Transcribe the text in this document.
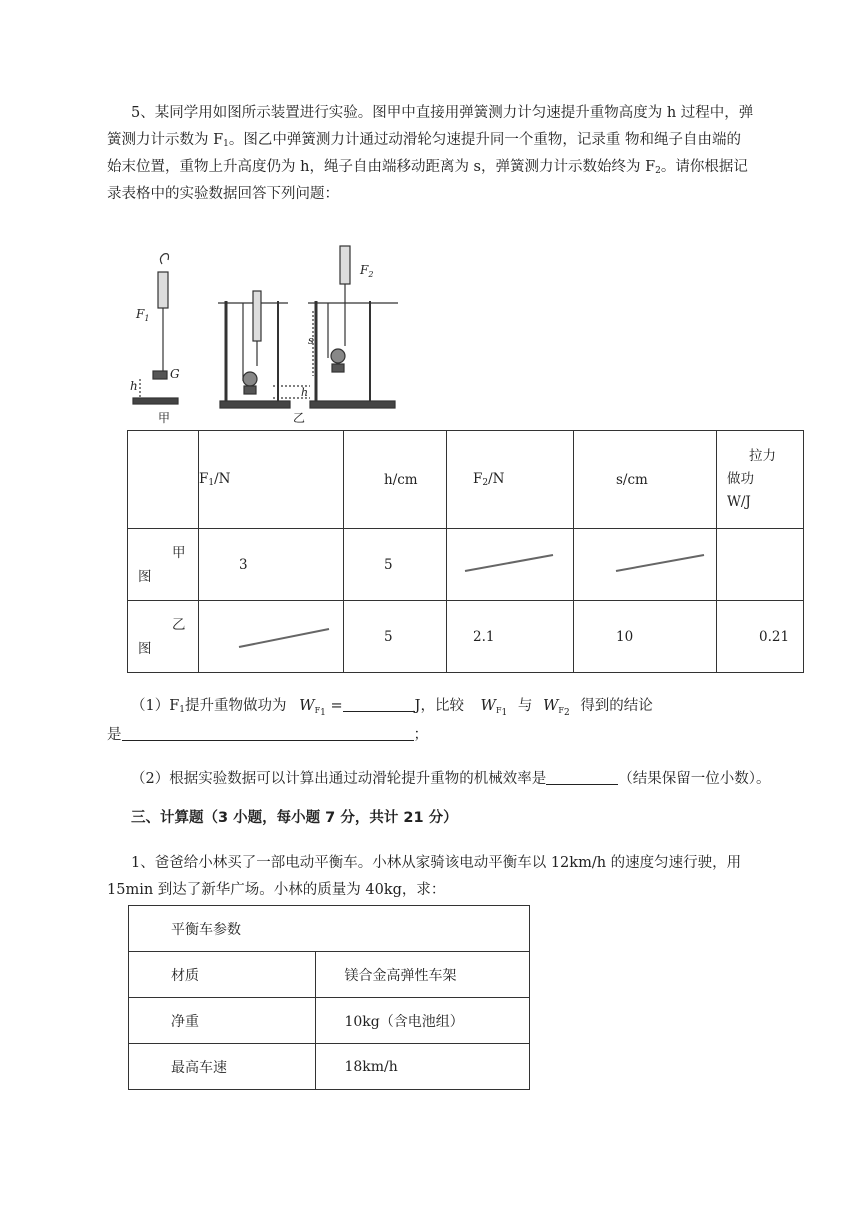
5、某同学用如图所示装置进行实验。图甲中直接用弹簧测力计匀速提升重物高度为 h 过程中，弹
簧测力计示数为 $F_1$。图乙中弹簧测力计通过动滑轮匀速提升同一个重物，记录重 物和绳子自由端的
始末位置，重物上升高度仍为 h，绳子自由端移动距离为 s，弹簧测力计示数始终为 $F_2$。请你根据记
录表格中的实验数据回答下列问题：
$F_1$
G
h
甲	乙
h
s
$F_2$
	$F_1/N$	h/cm	$F_2/N$	s/cm	拉力
做功
W/J

甲
图	3	5	

乙
图		5	2.1	10	0.21
$(1)F_1$提升重物做功为 $W_{F_1}$ =	J，比较 $W_{F_1}$ 与 $W_{F_2}$ 得到的结论
是	；
（2）根据实验数据可以计算出通过动滑轮提升重物的机械效率是	（结果保留一位小数）。
三、计算题（3 小题，每小题 7 分，共计 21 分）
1、爸爸给小林买了一部电动平衡车。小林从家骑该电动平衡车以 12km/h 的速度匀速行驶，用
15min 到达了新华广场。小林的质量为 40kg，求：
平衡车参数	
材质	镁合金高弹性车架
净重	10kg（含电池组）
最高车速	18km/h
